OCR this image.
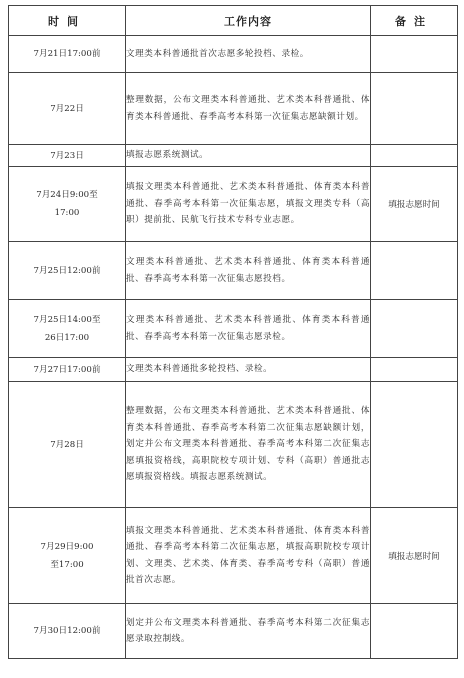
时间	工作内容	备注
7月21日17:00前	文理类本科普通批首次志愿多轮投档、录检。	
7月22日	整理数据，公布文理类本科普通批、艺术类本科普通批、体育类本科普通批、春季高考本科第一次征集志愿缺额计划。	
7月23日	填报志愿系统测试。	
7月24日9:00至
17:00	填报文理类本科普通批、艺术类本科普通批、体育类本科普通批、春季高考本科第一次征集志愿，填报文理类专科（高职）提前批、民航飞行技术专科专业志愿。	填报志愿时间
7月25日12:00前	文理类本科普通批、艺术类本科普通批、体育类本科普通批、春季高考本科第一次征集志愿投档。	
7月25日14:00至
26日17:00	文理类本科普通批、艺术类本科普通批、体育类本科普通批、春季高考本科第一次征集志愿录检。	
7月27日17:00前	文理类本科普通批多轮投档、录检。	
7月28日	整理数据，公布文理类本科普通批、艺术类本科普通批、体育类本科普通批、春季高考本科第二次征集志愿缺额计划，划定并公布文理类本科普通批、春季高考本科第二次征集志愿填报资格线，高职院校专项计划、专科（高职）普通批志愿填报资格线。填报志愿系统测试。	
7月29日9:00
至17:00	填报文理类本科普通批、艺术类本科普通批、体育类本科普通批、春季高考本科第二次征集志愿，填报高职院校专项计划、文理类、艺术类、体育类、春季高考专科（高职）普通批首次志愿。	填报志愿时间
7月30日12:00前	划定并公布文理类本科普通批、春季高考本科第二次征集志愿录取控制线。	
